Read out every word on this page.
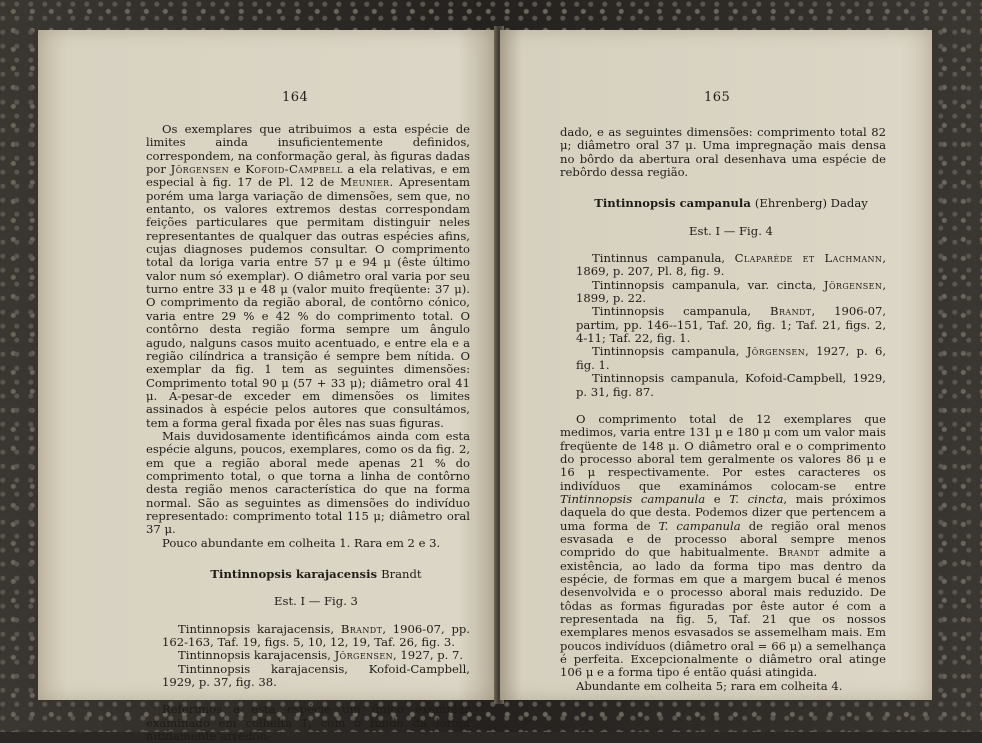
164

Os exemplares que atribuimos a esta espécie de limites ainda insuficientemente definidos, correspondem, na conformação geral, às figuras dadas por Jörgensen e Kofoid-Campbell a ela relativas, e em especial à fig. 17 de Pl. 12 de Meunier. Apresentam porém uma larga variação de dimensões, sem que, no entanto, os valores extremos destas correspondam feições particulares que permitam distinguir neles representantes de qualquer das outras espécies afins, cujas diagnoses pudemos consultar. O comprimento total da loriga varia entre 57 μ e 94 μ (êste último valor num só exemplar). O diâmetro oral varia por seu turno entre 33 μ e 48 μ (valor muito freqüente: 37 μ). O comprimento da região aboral, de contôrno cónico, varia entre 29 % e 42 % do comprimento total. O contôrno desta região forma sempre um ângulo agudo, nalguns casos muito acentuado, e entre ela e a região cilíndrica a transição é sempre bem nítida. O exemplar da fig. 1 tem as seguintes dimensões: Comprimento total 90 μ (57 + 33 μ); diâmetro oral 41 μ. A-pesar-de exceder em dimensões os limites assinados à espécie pelos autores que consultámos, tem a forma geral fixada por êles nas suas figuras.

Mais duvidosamente identificámos ainda com esta espécie alguns, poucos, exemplares, como os da fig. 2, em que a região aboral mede apenas 21 % do comprimento total, o que torna a linha de contôrno desta região menos característica do que na forma normal. São as seguintes as dimensões do indivíduo representado: comprimento total 115 μ; diâmetro oral 37 μ.

Pouco abundante em colheita 1. Rara em 2 e 3.

Tintinnopsis karajacensis Brandt

Est. I — Fig. 3

Tintinnopsis karajacensis, Brandt, 1906-07, pp. 162-163, Taf. 19, figs. 5, 10, 12, 19, Taf. 26, fig. 3.

Tintinnopsis karajacensis, Jörgensen, 1927, p. 7.

Tintinnopsis karajacensis, Kofoid-Campbell, 1929, p. 37, fig. 38.

Referimos a esta espécie um único exemplar examinado em colheita 1, com o fundo da loriga nitidamente arredon-

165

dado, e as seguintes dimensões: comprimento total 82 μ; diâmetro oral 37 μ. Uma impregnação mais densa no bôrdo da abertura oral desenhava uma espécie de rebôrdo dessa região.

Tintinnopsis campanula (Ehrenberg) Daday

Est. I — Fig. 4

Tintinnus campanula, Claparède et Lachmann, 1869, p. 207, Pl. 8, fig. 9.

Tintinnopsis campanula, var. cincta, Jörgensen, 1899, p. 22.

Tintinnopsis campanula, Brandt, 1906-07, partim, pp. 146--151, Taf. 20, fig. 1; Taf. 21, figs. 2, 4-11; Taf. 22, fig. 1.

Tintinnopsis campanula, Jörgensen, 1927, p. 6, fig. 1.

Tintinnopsis campanula, Kofoid-Campbell, 1929, p. 31, fig. 87.

O comprimento total de 12 exemplares que medimos, varia entre 131 μ e 180 μ com um valor mais freqüente de 148 μ. O diâmetro oral e o comprimento do processo aboral tem geralmente os valores 86 μ e 16 μ respectivamente. Por estes caracteres os indivíduos que examinámos colocam-se entre Tintinnopsis campanula e T. cincta, mais próximos daquela do que desta. Podemos dizer que pertencem a uma forma de T. campanula de região oral menos esvasada e de processo aboral sempre menos comprido do que habitualmente. Brandt admite a existência, ao lado da forma tipo mas dentro da espécie, de formas em que a margem bucal é menos desenvolvida e o processo aboral mais reduzido. De tôdas as formas figuradas por êste autor é com a representada na fig. 5, Taf. 21 que os nossos exemplares menos esvasados se assemelham mais. Em poucos indivíduos (diâmetro oral = 66 μ) a semelhança é perfeita. Excepcionalmente o diâmetro oral atinge 106 μ e a forma tipo é então quási atingida.

Abundante em colheita 5; rara em colheita 4.
